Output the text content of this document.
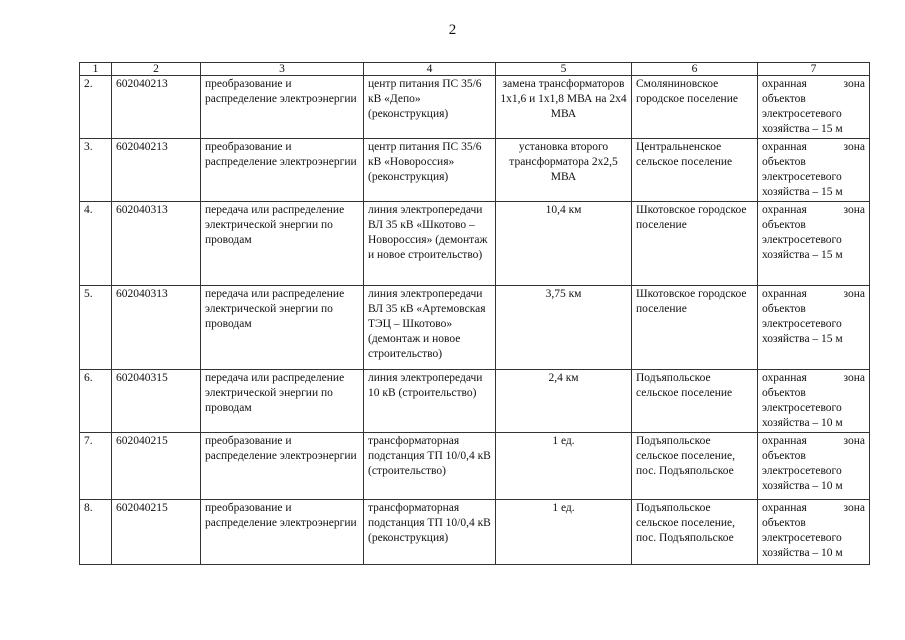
2
1	2	3	4	5	6	7
2.	602040213	преобразование и распределение электроэнергии	центр питания ПС 35/6 кВ «Депо» (реконструкция)	замена трансформаторов 1х1,6 и 1х1,8 МВА на 2х4 МВА	Смоляниновское городское поселение	охранная зона объектов электросетевого хозяйства – 15 м
3.	602040213	преобразование и распределение электроэнергии	центр питания ПС 35/6 кВ «Новороссия» (реконструкция)	установка второго трансформатора 2х2,5 МВА	Центральненское сельское поселение	охранная зона объектов электросетевого хозяйства – 15 м
4.	602040313	передача или распределение электрической энергии по проводам	линия электропередачи ВЛ 35 кВ «Шкотово – Новороссия» (демонтаж и новое строительство)	10,4 км	Шкотовское городское поселение	охранная зона объектов электросетевого хозяйства – 15 м
5.	602040313	передача или распределение электрической энергии по проводам	линия электропередачи ВЛ 35 кВ «Артемовская ТЭЦ – Шкотово» (демонтаж и новое строительство)	3,75 км	Шкотовское городское поселение	охранная зона объектов электросетевого хозяйства – 15 м
6.	602040315	передача или распределение электрической энергии по проводам	линия электропередачи 10 кВ (строительство)	2,4 км	Подъяпольское сельское поселение	охранная зона объектов электросетевого хозяйства – 10 м
7.	602040215	преобразование и распределение электроэнергии	трансформаторная подстанция ТП 10/0,4 кВ (строительство)	1 ед.	Подъяпольское сельское поселение, пос. Подъяпольское	охранная зона объектов электросетевого хозяйства – 10 м
8.	602040215	преобразование и распределение электроэнергии	трансформаторная подстанция ТП 10/0,4 кВ (реконструкция)	1 ед.	Подъяпольское сельское поселение, пос. Подъяпольское	охранная зона объектов электросетевого хозяйства – 10 м
